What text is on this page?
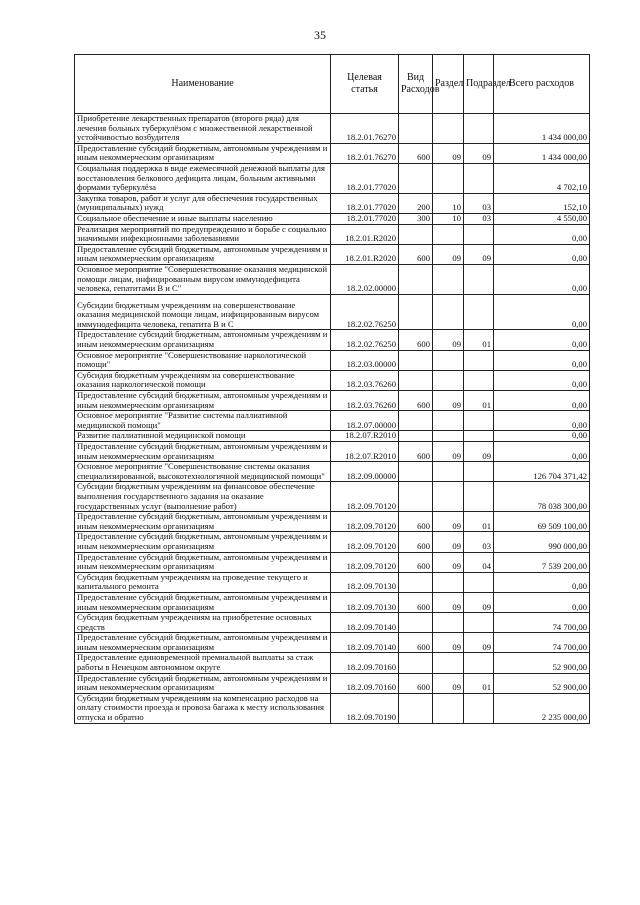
35
Наименование	Целевая статья	Вид Расходов	Раздел	Подраздел	Всего расходов
Приобретение лекарственных препаратов (второго ряда) для лечения больных туберкулёзом с множественной лекарственной устойчивостью возбудителя	18.2.01.76270				1 434 000,00
Предоставление субсидий бюджетным, автономным учреждениям и иным некоммерческим организациям	18.2.01.76270	600	09	09	1 434 000,00
Социальная поддержка в виде ежемесячной денежной выплаты для восстановления белкового дефицита лицам, больным активными формами туберкулёза	18.2.01.77020				4 702,10
Закупка товаров, работ и услуг для обеспечения государственных (муниципальных) нужд	18.2.01.77020	200	10	03	152,10
Социальное обеспечение и иные выплаты населению	18.2.01.77020	300	10	03	4 550,00
Реализация мероприятий по предупреждению и борьбе с социально значимыми инфекционными заболеваниями	18.2.01.R2020				0,00
Предоставление субсидий бюджетным, автономным учреждениям и иным некоммерческим организациям	18.2.01.R2020	600	09	09	0,00
Основное мероприятие "Совершенствование оказания медицинской помощи лицам, инфицированным вирусом иммунодефицита человека, гепатитами В и С"	18.2.02.00000				0,00
Субсидии бюджетным учреждениям на совершенствование оказания медицинской помощи лицам, инфицированным вирусом иммунодефицита человека, гепатита В и С	18.2.02.76250				0,00
Предоставление субсидий бюджетным, автономным учреждениям и иным некоммерческим организациям	18.2.02.76250	600	09	01	0,00
Основное мероприятие "Совершенствование наркологической помощи"	18.2.03.00000				0,00
Субсидия бюджетным учреждениям на совершенствование оказания наркологической помощи	18.2.03.76260				0,00
Предоставление субсидий бюджетным, автономным учреждениям и иным некоммерческим организациям	18.2.03.76260	600	09	01	0,00
Основное мероприятие "Развитие системы паллиативной медицинской помощи"	18.2.07.00000				0,00
Развитие паллиативной медицинской помощи	18.2.07.R2010				0,00
Предоставление субсидий бюджетным, автономным учреждениям и иным некоммерческим организациям	18.2.07.R2010	600	09	09	0,00
Основное мероприятие "Совершенствование системы оказания специализированной, высокотехнологичной медицинской помощи"	18.2.09.00000				126 704 371,42
Субсидии бюджетным учреждениям на финансовое обеспечение выполнения государственного задания на оказание государственных услуг (выполнение работ)	18.2.09.70120				78 038 300,00
Предоставление субсидий бюджетным, автономным учреждениям и иным некоммерческим организациям	18.2.09.70120	600	09	01	69 509 100,00
Предоставление субсидий бюджетным, автономным учреждениям и иным некоммерческим организациям	18.2.09.70120	600	09	03	990 000,00
Предоставление субсидий бюджетным, автономным учреждениям и иным некоммерческим организациям	18.2.09.70120	600	09	04	7 539 200,00
Субсидия бюджетным учреждениям на проведение текущего и капитального ремонта	18.2.09.70130				0,00
Предоставление субсидий бюджетным, автономным учреждениям и иным некоммерческим организациям	18.2.09.70130	600	09	09	0,00
Субсидия бюджетным учреждениям на приобретение основных средств	18.2.09.70140				74 700,00
Предоставление субсидий бюджетным, автономным учреждениям и иным некоммерческим организациям	18.2.09.70140	600	09	09	74 700,00
Предоставление единовременной премиальной выплаты за стаж работы в Ненецком автономном округе	18.2.09.70160				52 900,00
Предоставление субсидий бюджетным, автономным учреждениям и иным некоммерческим организациям	18.2.09.70160	600	09	01	52 900,00
Субсидии бюджетным учреждениям на компенсацию расходов на оплату стоимости проезда и провоза багажа к месту использования отпуска и обратно	18.2.09.70190				2 235 000,00
